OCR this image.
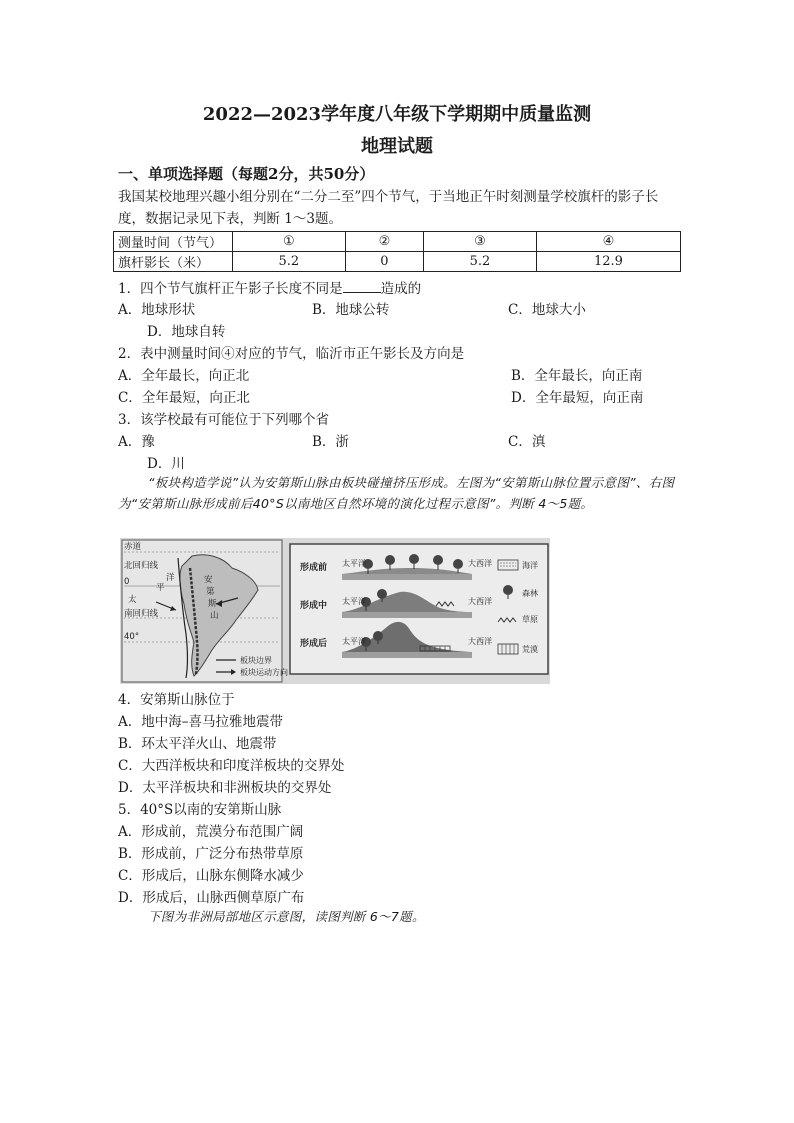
2022—2023学年度八年级下学期期中质量监测
地理试题
一、单项选择题（每题2分，共50分）
我国某校地理兴趣小组分别在“二分二至”四个节气，于当地正午时刻测量学校旗杆的影子长度，数据记录见下表，判断 1～3题。
测量时间（节气）	①	②	③	④
旗杆影长（米）	5.2	0	5.2	12.9
1．四个节气旗杆正午影子长度不同是	造成的
A．地球形状	B．地球公转	C．地球大小
D．地球自转
2．表中测量时间④对应的节气，临沂市正午影长及方向是
A．全年最长，向正北	B．全年最长，向正南
C．全年最短，向正北	D．全年最短，向正南
3．该学校最有可能位于下列哪个省
A．豫	B．浙	C．滇
D．川
“板块构造学说”认为安第斯山脉由板块碰撞挤压形成。左图为“安第斯山脉位置示意图”、右图为“安第斯山脉形成前后40°S以南地区自然环境的演化过程示意图”。判断 4～5题。
赤道
0
太
平
洋
北回归线
南回归线
40°
安
第
斯
山
板块边界
板块运动方向
形成前
形成中
形成后
太平洋	大西洋
太平洋	大西洋
太平洋	大西洋
海洋
森林
草原
荒漠
4．安第斯山脉位于
A．地中海–喜马拉雅地震带
B．环太平洋火山、地震带
C．大西洋板块和印度洋板块的交界处
D．太平洋板块和非洲板块的交界处
5．40°S以南的安第斯山脉
A．形成前，荒漠分布范围广阔
B．形成前，广泛分布热带草原
C．形成后，山脉东侧降水减少
D．形成后，山脉西侧草原广布
下图为非洲局部地区示意图，读图判断 6～7题。
